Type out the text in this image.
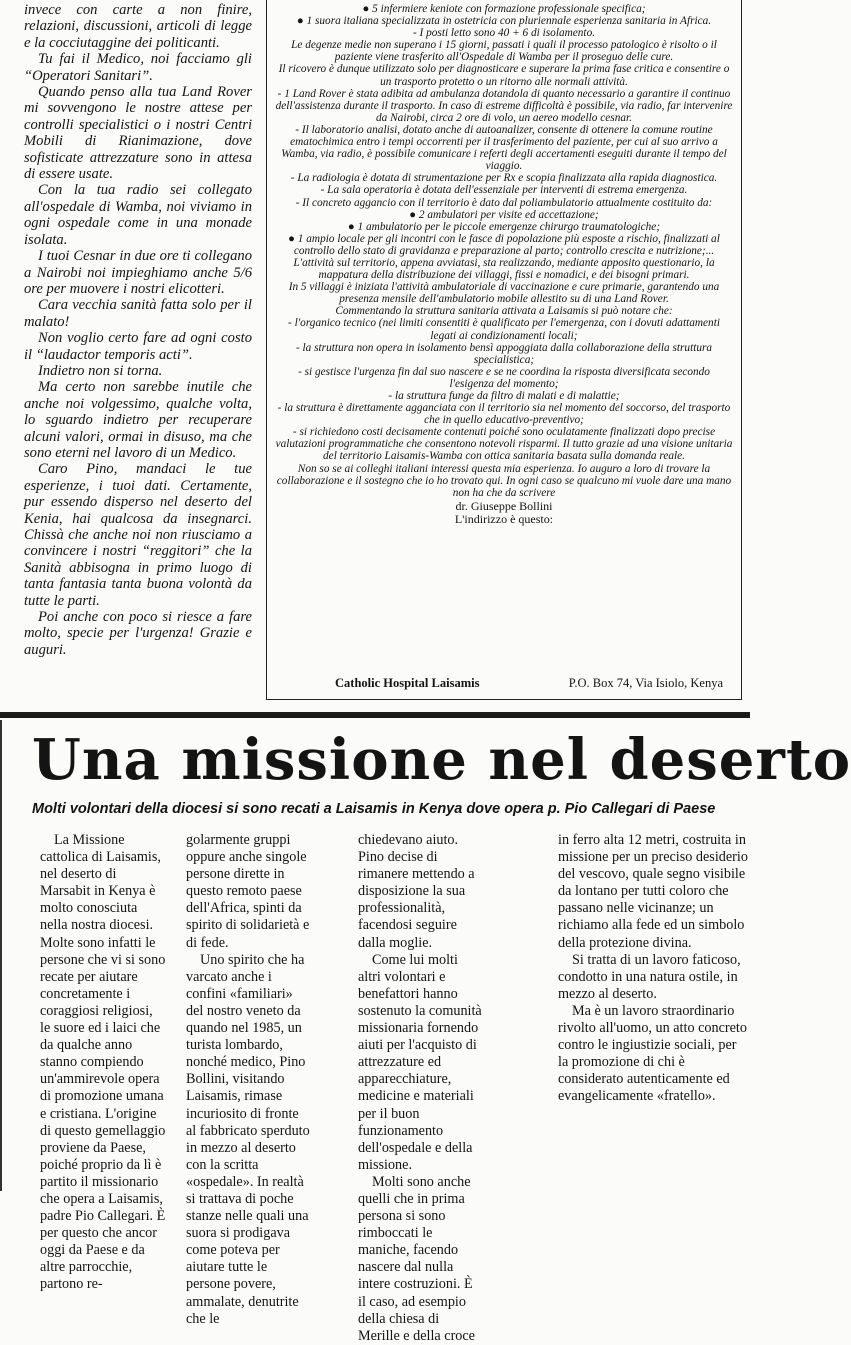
invece con carte a non finire, relazioni, discussioni, articoli di legge e la cocciutaggine dei politicanti.

Tu fai il Medico, noi facciamo gli “Operatori Sanitari”.

Quando penso alla tua Land Rover mi sovvengono le nostre attese per controlli specialistici o i nostri Centri Mobili di Rianimazione, dove sofisticate attrezzature sono in attesa di essere usate.

Con la tua radio sei collegato all'ospedale di Wamba, noi viviamo in ogni ospedale come in una monade isolata.

I tuoi Cesnar in due ore ti collegano a Nairobi noi impieghiamo anche 5/6 ore per muovere i nostri elicotteri.

Cara vecchia sanità fatta solo per il malato!

Non voglio certo fare ad ogni costo il “laudactor temporis acti”.

Indietro non si torna.

Ma certo non sarebbe inutile che anche noi volgessimo, qualche volta, lo sguardo indietro per recuperare alcuni valori, ormai in disuso, ma che sono eterni nel lavoro di un Medico.

Caro Pino, mandaci le tue esperienze, i tuoi dati. Certamente, pur essendo disperso nel deserto del Kenia, hai qualcosa da insegnarci. Chissà che anche noi non riusciamo a convincere i nostri “reggitori” che la Sanità abbisogna in primo luogo di tanta fantasia tanta buona volontà da tutte le parti.

Poi anche con poco si riesce a fare molto, specie per l'urgenza! Grazie e auguri.

● 5 infermiere keniote con formazione professionale specifica;
● 1 suora italiana specializzata in ostetricia con pluriennale esperienza sanitaria in Africa.
- I posti letto sono 40 + 6 di isolamento.
Le degenze medie non superano i 15 giorni, passati i quali il processo patologico è risolto o il paziente viene trasferito all'Ospedale di Wamba per il proseguo delle cure.
Il ricovero è dunque utilizzato solo per diagnosticare e superare la prima fase critica e consentire o un trasporto protetto o un ritorno alle normali attività.
- 1 Land Rover è stata adibita ad ambulanza dotandola di quanto necessario a garantire il continuo dell'assistenza durante il trasporto. In caso di estreme difficoltà è possibile, via radio, far intervenire da Nairobi, circa 2 ore di volo, un aereo modello cesnar.
- Il laboratorio analisi, dotato anche di autoanalizer, consente di ottenere la comune routine ematochimica entro i tempi occorrenti per il trasferimento del paziente, per cui al suo arrivo a Wamba, via radio, è possibile comunicare i referti degli accertamenti eseguiti durante il tempo del viaggio.
- La radiologia è dotata di strumentazione per Rx e scopia finalizzata alla rapida diagnostica.
- La sala operatoria è dotata dell'essenziale per interventi di estrema emergenza.
- Il concreto aggancio con il territorio è dato dal poliambulatorio attualmente costituito da:
● 2 ambulatori per visite ed accettazione;
● 1 ambulatorio per le piccole emergenze chirurgo traumatologiche;
● 1 ampio locale per gli incontri con le fasce di popolazione più esposte a rischio, finalizzati al controllo dello stato di gravidanza e preparazione al parto; controllo crescita e nutrizione;...
L'attività sul territorio, appena avviatasi, sta realizzando, mediante apposito questionario, la mappatura della distribuzione dei villaggi, fissi e nomadici, e dei bisogni primari.
In 5 villaggi è iniziata l'attività ambulatoriale di vaccinazione e cure primarie, garantendo una presenza mensile dell'ambulatorio mobile allestito su di una Land Rover.
Commentando la struttura sanitaria attivata a Laisamis si può notare che:
- l'organico tecnico (nei limiti consentiti è qualificato per l'emergenza, con i dovuti adattamenti legati ai condizionamenti locali;
- la struttura non opera in isolamento bensì appoggiata dalla collaborazione della struttura specialistica;
- si gestisce l'urgenza fin dal suo nascere e se ne coordina la risposta diversificata secondo l'esigenza del momento;
- la struttura funge da filtro di malati e di malattie;
- la struttura è direttamente agganciata con il territorio sia nel momento del soccorso, del trasporto che in quello educativo-preventivo;
- si richiedono costi decisamente contenuti poiché sono oculatamente finalizzati dopo precise valutazioni programmatiche che consentono notevoli risparmi. Il tutto grazie ad una visione unitaria del territorio Laisamis-Wamba con ottica sanitaria basata sulla domanda reale.
Non so se ai colleghi italiani interessi questa mia esperienza. Io auguro a loro di trovare la collaborazione e il sostegno che io ho trovato qui. In ogni caso se qualcuno mi vuole dare una mano non ha che da scrivere
dr. Giuseppe Bollini
L'indirizzo è questo:
Catholic Hospital Laisamis	P.O. Box 74, Via Isiolo, Kenya
Una missione nel deserto
Molti volontari della diocesi si sono recati a Laisamis in Kenya dove opera p. Pio Callegari di Paese

La Missione cattolica di Laisamis, nel deserto di Marsabit in Kenya è molto conosciuta nella nostra diocesi. Molte sono infatti le persone che vi si sono recate per aiutare concretamente i coraggiosi religiosi, le suore ed i laici che da qualche anno stanno compiendo un'ammirevole opera di promozione umana e cristiana. L'origine di questo gemellaggio proviene da Paese, poiché proprio da lì è partito il missionario che opera a Laisamis, padre Pio Callegari. È per questo che ancor oggi da Paese e da altre parrocchie, partono re-

golarmente gruppi oppure anche singole persone dirette in questo remoto paese dell'Africa, spinti da spirito di solidarietà e di fede.

Uno spirito che ha varcato anche i confini «familiari» del nostro veneto da quando nel 1985, un turista lombardo, nonché medico, Pino Bollini, visitando Laisamis, rimase incuriosito di fronte al fabbricato sperduto in mezzo al deserto con la scritta «ospedale». In realtà si trattava di poche stanze nelle quali una suora si prodigava come poteva per aiutare tutte le persone povere, ammalate, denutrite che le

chiedevano aiuto. Pino decise di rimanere mettendo a disposizione la sua professionalità, facendosi seguire dalla moglie.

Come lui molti altri volontari e benefattori hanno sostenuto la comunità missionaria fornendo aiuti per l'acquisto di attrezzature ed apparecchiature, medicine e materiali per il buon funzionamento dell'ospedale e della missione.

Molti sono anche quelli che in prima persona si sono rimboccati le maniche, facendo nascere dal nulla intere costruzioni. È il caso, ad esempio della chiesa di Merille e della croce

in ferro alta 12 metri, costruita in missione per un preciso desiderio del vescovo, quale segno visibile da lontano per tutti coloro che passano nelle vicinanze; un richiamo alla fede ed un simbolo della protezione divina.

Si tratta di un lavoro faticoso, condotto in una natura ostile, in mezzo al deserto.

Ma è un lavoro straordinario rivolto all'uomo, un atto concreto contro le ingiustizie sociali, per la promozione di chi è considerato autenticamente ed evangelicamente «fratello».
